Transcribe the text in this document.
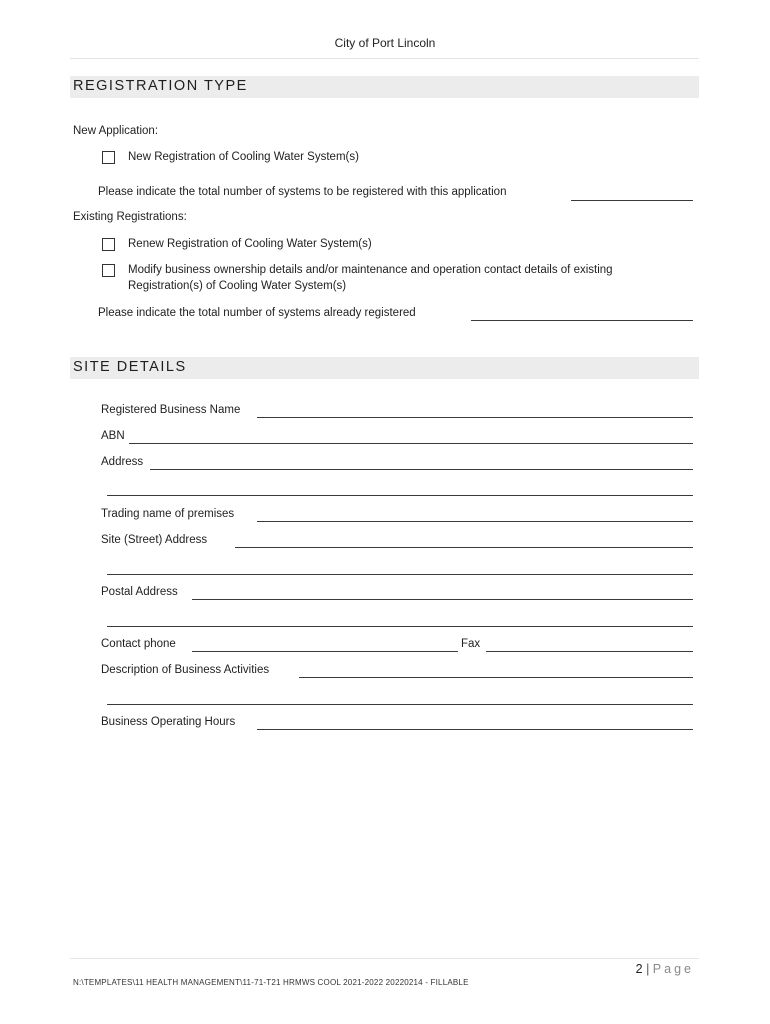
City of Port Lincoln
REGISTRATION TYPE
New Application:
New Registration of Cooling Water System(s)
Please indicate the total number of systems to be registered with this application
Existing Registrations:
Renew Registration of Cooling Water System(s)
Modify business ownership details and/or maintenance and operation contact details of existing
Registration(s) of Cooling Water System(s)
Please indicate the total number of systems already registered
SITE DETAILS
Registered Business Name
ABN
Address
Trading name of premises
Site (Street) Address
Postal Address
Contact phone	Fax
Description of Business Activities
Business Operating Hours
2 | Page
N:\TEMPLATES\11 HEALTH MANAGEMENT\11-71-T21 HRMWS COOL 2021-2022 20220214 - FILLABLE
